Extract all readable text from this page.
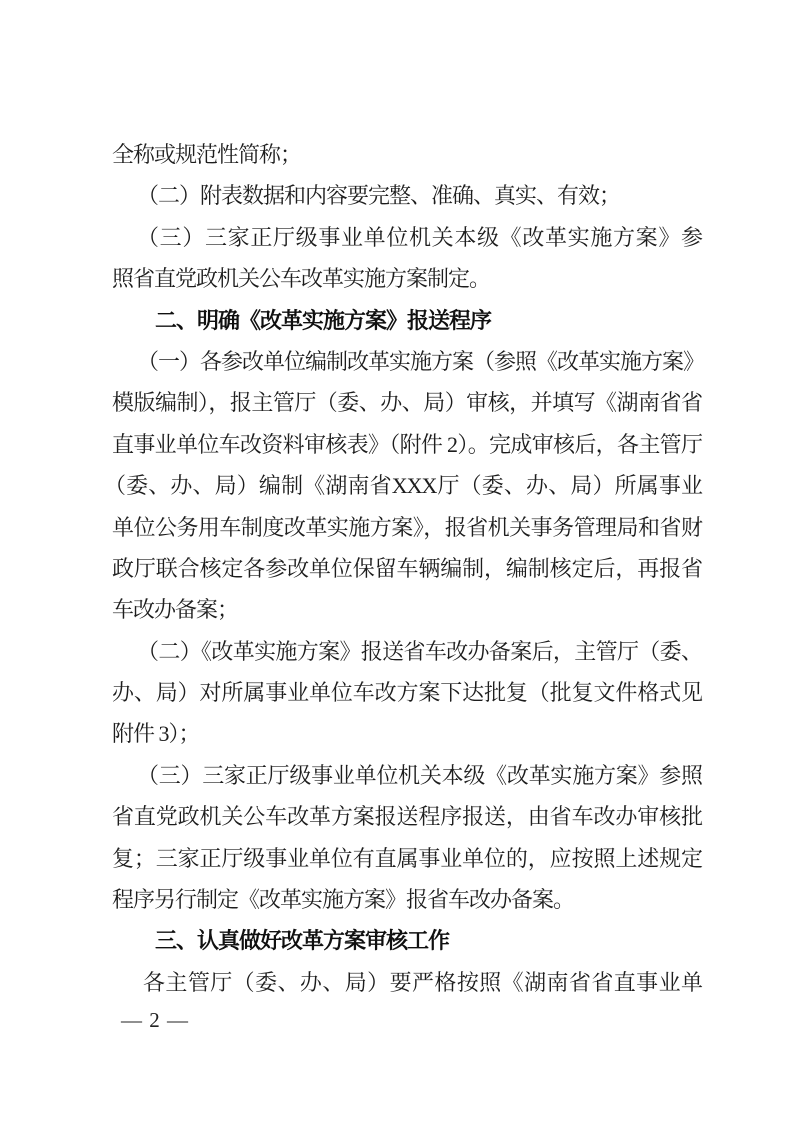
全称或规范性简称；
（二）附表数据和内容要完整、准确、真实、有效；
（三）三家正厅级事业单位机关本级《改革实施方案》参
照省直党政机关公车改革实施方案制定。
二、明确《改革实施方案》报送程序
（一）各参改单位编制改革实施方案（参照《改革实施方案》
模版编制），报主管厅（委、办、局）审核，并填写《湖南省省
直事业单位车改资料审核表》（附件 2）。完成审核后，各主管厅
（委、办、局）编制《湖南省XXX厅（委、办、局）所属事业
单位公务用车制度改革实施方案》，报省机关事务管理局和省财
政厅联合核定各参改单位保留车辆编制，编制核定后，再报省
车改办备案；
（二）《改革实施方案》报送省车改办备案后，主管厅（委、
办、局）对所属事业单位车改方案下达批复（批复文件格式见
附件 3）；
（三）三家正厅级事业单位机关本级《改革实施方案》参照
省直党政机关公车改革方案报送程序报送，由省车改办审核批
复；三家正厅级事业单位有直属事业单位的，应按照上述规定
程序另行制定《改革实施方案》报省车改办备案。
三、认真做好改革方案审核工作
各主管厅（委、办、局）要严格按照《湖南省省直事业单
— 2 —
